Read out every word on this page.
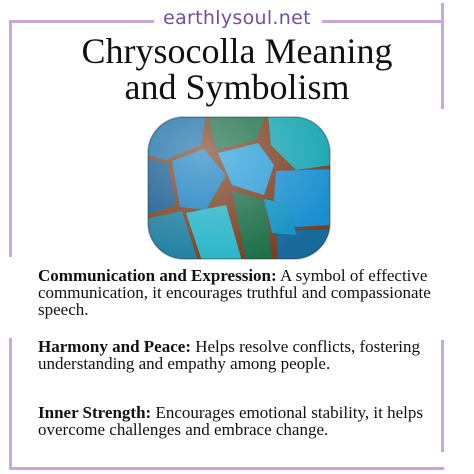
earthlysoul.net
Chrysocolla Meaning
and Symbolism
Communication and Expression: A symbol of effective communication, it encourages truthful and compassionate speech.
Harmony and Peace: Helps resolve conflicts, fostering understanding and empathy among people.
Inner Strength: Encourages emotional stability, it helps overcome challenges and embrace change.
